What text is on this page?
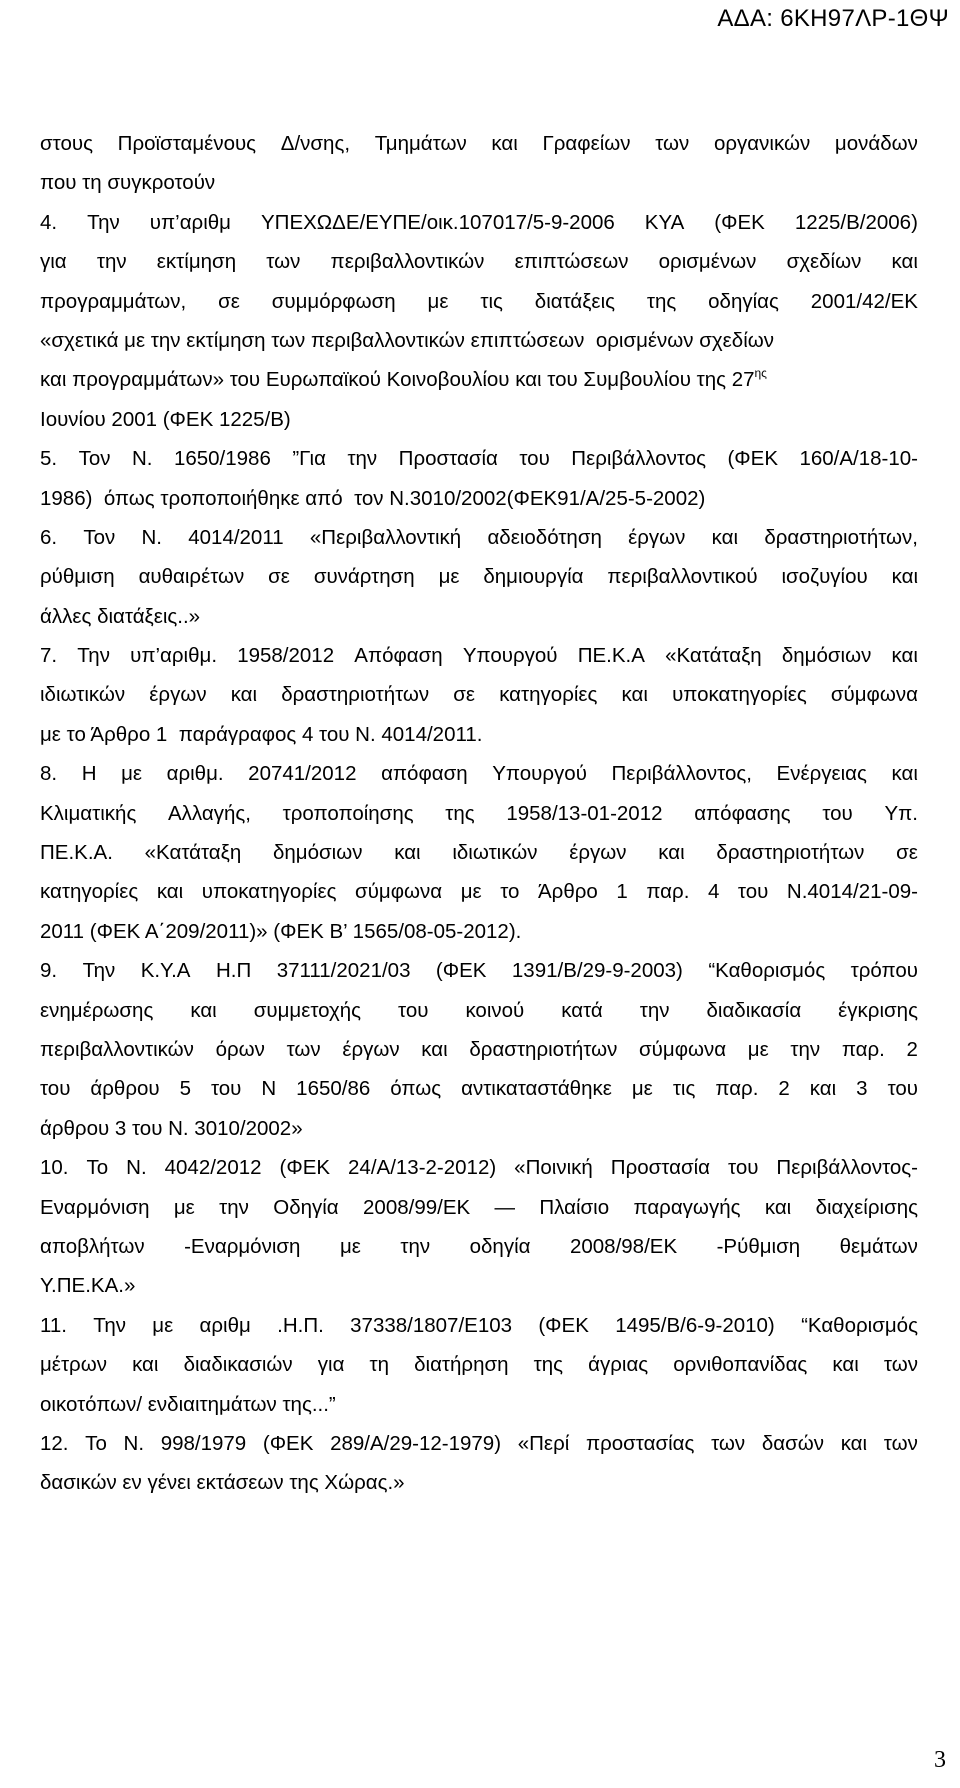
ΑΔΑ: 6ΚΗ97ΛΡ-1ΘΨ
στους Προϊσταμένους Δ/νσης, Τμημάτων και Γραφείων των οργανικών μονάδων
που τη συγκροτούν
4. Την υπ’αριθμ ΥΠΕΧΩΔΕ/ΕΥΠΕ/οικ.107017/5-9-2006 ΚΥΑ (ΦΕΚ 1225/Β/2006)
για την εκτίμηση των περιβαλλοντικών επιπτώσεων ορισμένων σχεδίων και
προγραμμάτων, σε συμμόρφωση με τις διατάξεις της οδηγίας 2001/42/ΕΚ
«σχετικά με την εκτίμηση των περιβαλλοντικών επιπτώσεων  ορισμένων σχεδίων
και προγραμμάτων» του Ευρωπαϊκού Κοινοβουλίου και του Συμβουλίου της $27^{\eta\varsigma}$
Ιουνίου 2001 (ΦΕΚ 1225/Β)
5. Τον Ν. 1650/1986 ”Για την Προστασία του Περιβάλλοντος (ΦΕΚ 160/Α/18-10-
1986)  όπως τροποποιήθηκε από  τον Ν.3010/2002(ΦΕΚ91/Α/25-5-2002)
6. Τον Ν. 4014/2011 «Περιβαλλοντική αδειοδότηση έργων και δραστηριοτήτων,
ρύθμιση αυθαιρέτων σε συνάρτηση με δημιουργία περιβαλλοντικού ισοζυγίου και
άλλες διατάξεις..»
7. Την υπ’αριθμ. 1958/2012 Απόφαση Υπουργού ΠΕ.Κ.Α «Κατάταξη δημόσιων και
ιδιωτικών έργων και δραστηριοτήτων σε κατηγορίες και υποκατηγορίες σύμφωνα
με το Άρθρο 1  παράγραφος 4 του Ν. 4014/2011.
8. Η με αριθμ. 20741/2012 απόφαση Υπουργού Περιβάλλοντος, Ενέργειας και
Κλιματικής Αλλαγής, τροποποίησης της 1958/13-01-2012 απόφασης του Υπ.
ΠΕ.Κ.Α. «Κατάταξη δημόσιων και ιδιωτικών έργων και δραστηριοτήτων σε
κατηγορίες και υποκατηγορίες σύμφωνα με το Άρθρο 1 παρ. 4 του Ν.4014/21-09-
2011 (ΦΕΚ Α΄209/2011)» (ΦΕΚ Β’ 1565/08-05-2012).
9. Την Κ.Υ.Α Η.Π 37111/2021/03 (ΦΕΚ 1391/Β/29-9-2003) “Καθορισμός τρόπου
ενημέρωσης και συμμετοχής του κοινού κατά την διαδικασία έγκρισης
περιβαλλοντικών όρων των έργων και δραστηριοτήτων σύμφωνα με την παρ. 2
του άρθρου 5 του Ν 1650/86 όπως αντικαταστάθηκε με τις παρ. 2 και 3 του
άρθρου 3 του Ν. 3010/2002»
10. Το Ν. 4042/2012 (ΦΕΚ 24/Α/13-2-2012) «Ποινική Προστασία του Περιβάλλοντος-
Εναρμόνιση με την Οδηγία 2008/99/ΕΚ — Πλαίσιο παραγωγής και διαχείρισης
αποβλήτων -Εναρμόνιση με την οδηγία 2008/98/ΕΚ -Ρύθμιση θεμάτων
Υ.ΠΕ.ΚΑ.»
11. Την με αριθμ .Η.Π. 37338/1807/Ε103 (ΦΕΚ 1495/Β/6-9-2010) “Καθορισμός
μέτρων και διαδικασιών για τη διατήρηση της άγριας ορνιθοπανίδας και των
οικοτόπων/ ενδιαιτημάτων της...”
12. Το Ν. 998/1979 (ΦΕΚ 289/Α/29-12-1979) «Περί προστασίας των δασών και των
δασικών εν γένει εκτάσεων της Χώρας.»
3
